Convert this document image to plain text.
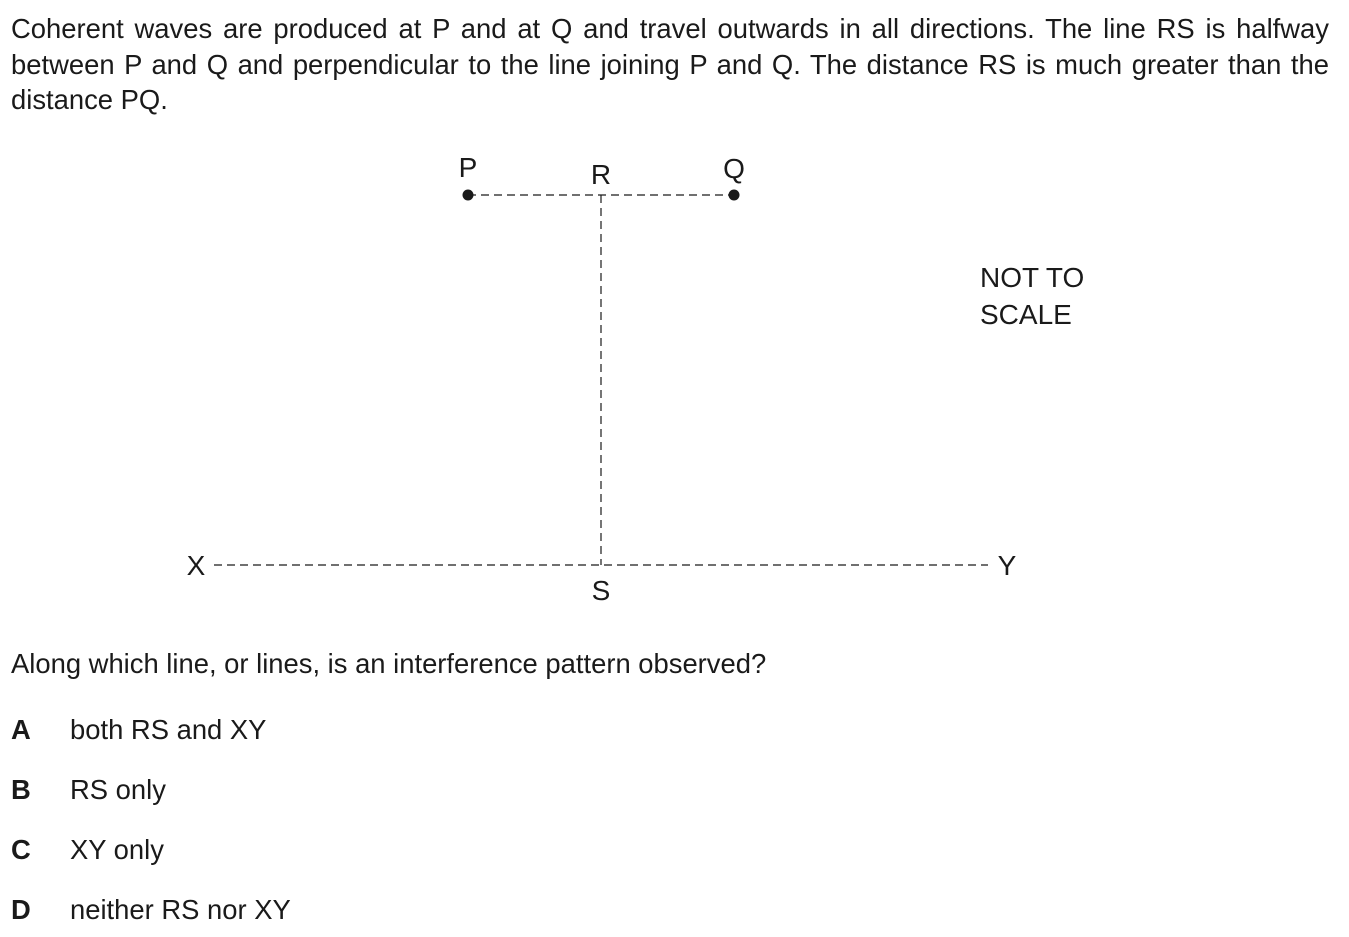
Coherent waves are produced at P and at Q and travel outwards in all directions. The line RS is halfway between P and Q and perpendicular to the line joining P and Q. The distance RS is much greater than the distance PQ.

P	R	Q
S
X	Y
NOT TO
SCALE

Along which line, or lines, is an interference pattern observed?

A both RS and XY
B RS only
C XY only
D neither RS nor XY
